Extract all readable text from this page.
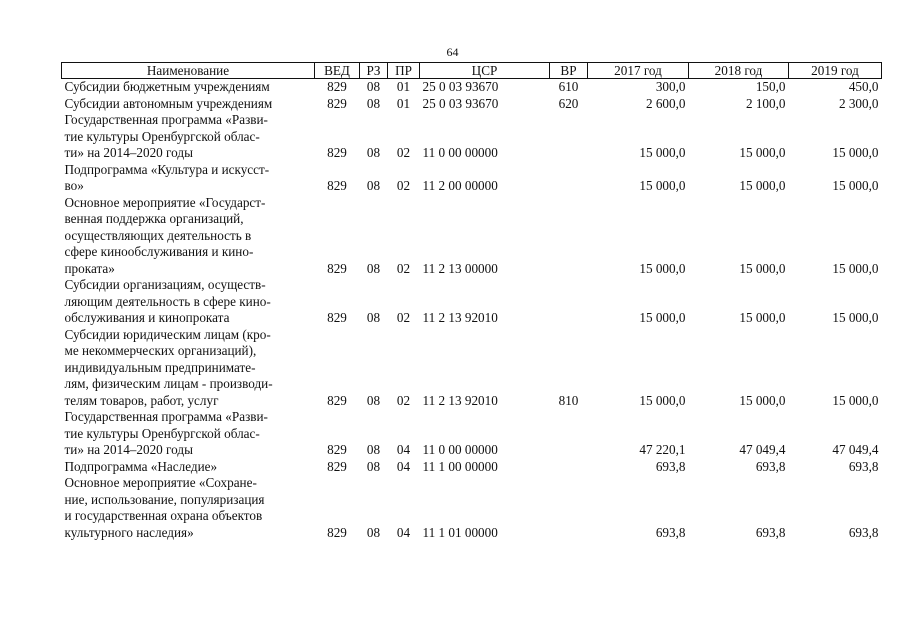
64
Наименование	ВЕД	РЗ	ПР	ЦСР	ВР	2017 год	2018 год	2019 год

Субсидии бюджетным учреждениям	829	08	01	25 0 03 93670	610	300,0	150,0	450,0

Субсидии автономным учреждениям	829	08	01	25 0 03 93670	620	2 600,0	2 100,0	2 300,0

Государственная программа «Разви-
тие культуры Оренбургской облас-
ти» на 2014–2020 годы	829	08	02	11 0 00 00000		15 000,0	15 000,0	15 000,0

Подпрограмма «Культура и искусст-
во»	829	08	02	11 2 00 00000		15 000,0	15 000,0	15 000,0

Основное мероприятие «Государст-
венная поддержка организаций,
осуществляющих деятельность в
сфере кинообслуживания и кино-
проката»	829	08	02	11 2 13 00000		15 000,0	15 000,0	15 000,0

Субсидии организациям, осуществ-
ляющим деятельность в сфере кино-
обслуживания и кинопроката	829	08	02	11 2 13 92010		15 000,0	15 000,0	15 000,0

Субсидии юридическим лицам (кро-
ме некоммерческих организаций),
индивидуальным предпринимате-
лям, физическим лицам - производи-
телям товаров, работ, услуг	829	08	02	11 2 13 92010	810	15 000,0	15 000,0	15 000,0

Государственная программа «Разви-
тие культуры Оренбургской облас-
ти» на 2014–2020 годы	829	08	04	11 0 00 00000		47 220,1	47 049,4	47 049,4

Подпрограмма «Наследие»	829	08	04	11 1 00 00000		693,8	693,8	693,8

Основное мероприятие «Сохране-
ние, использование, популяризация
и государственная охрана объектов
культурного наследия»	829	08	04	11 1 01 00000		693,8	693,8	693,8
